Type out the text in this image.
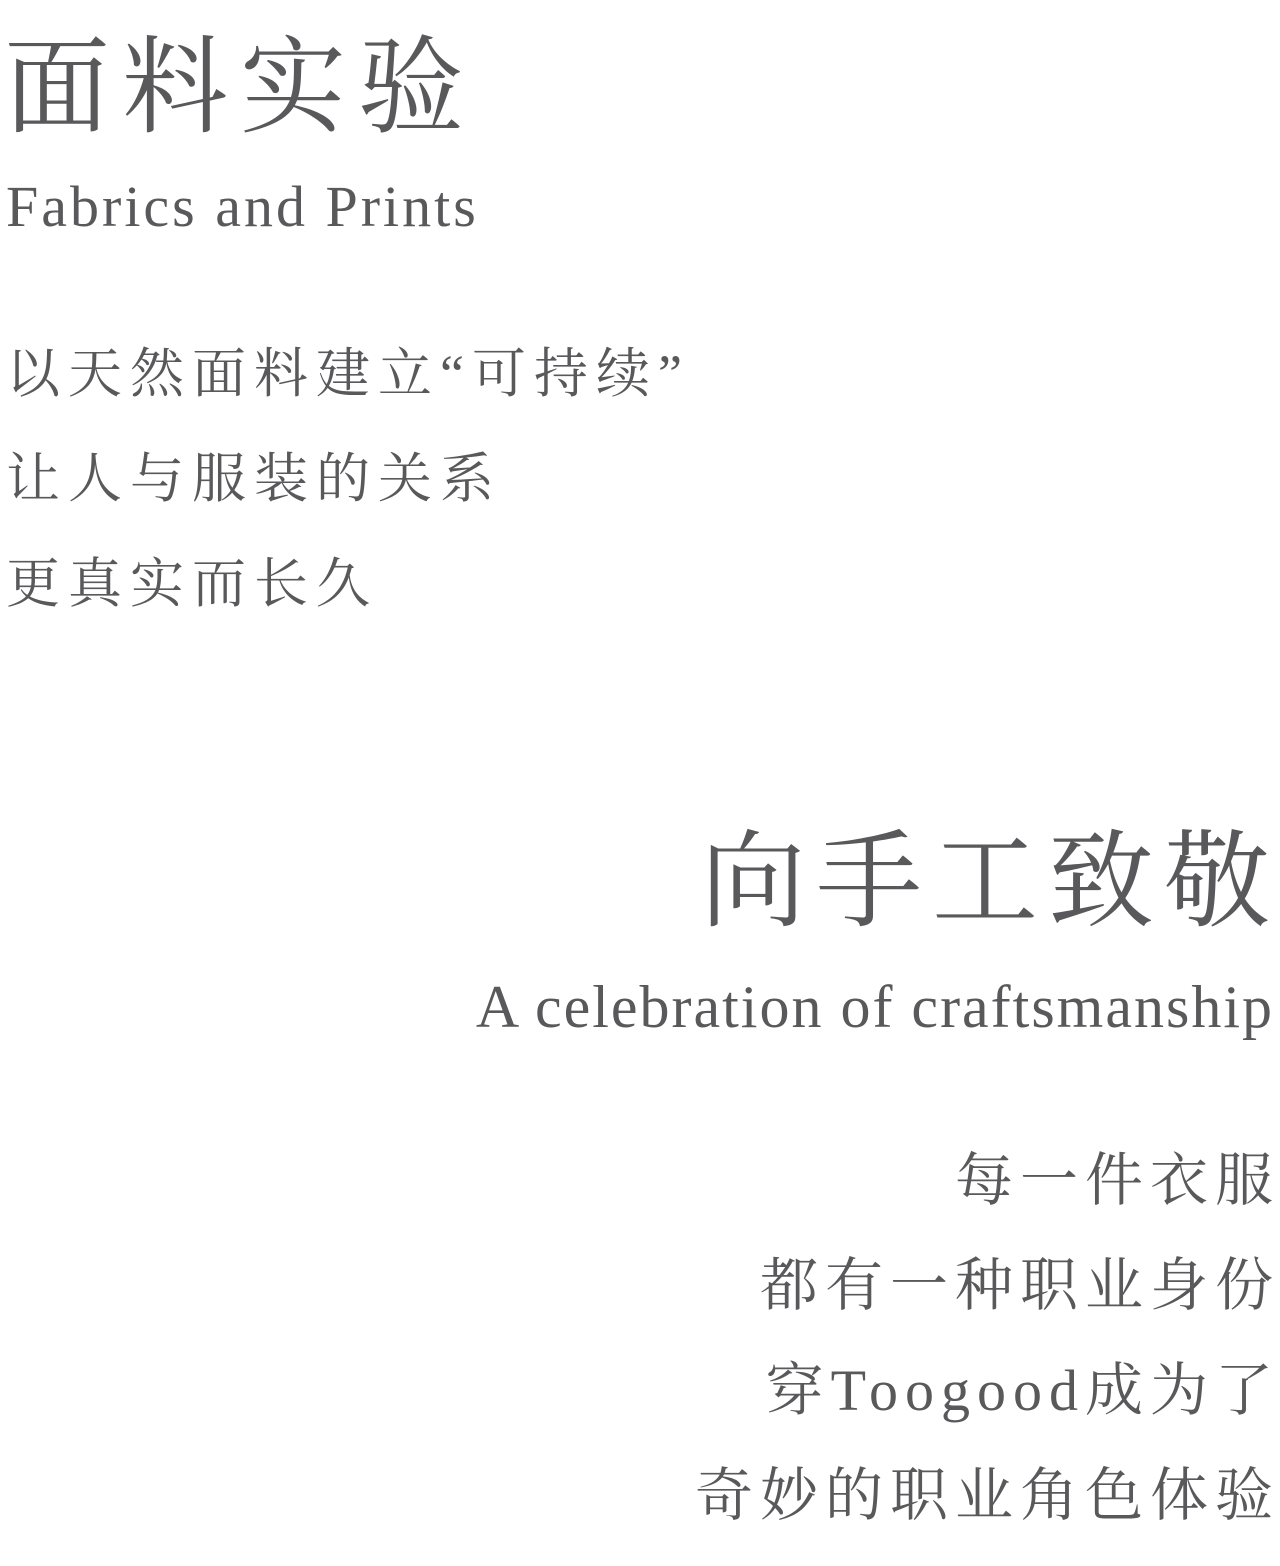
面料实验
Fabrics and Prints
以天然面料建立“可持续”
让人与服装的关系
更真实而长久
向手工致敬
A celebration of craftsmanship
每一件衣服
都有一种职业身份
穿Toogood成为了
奇妙的职业角色体验
